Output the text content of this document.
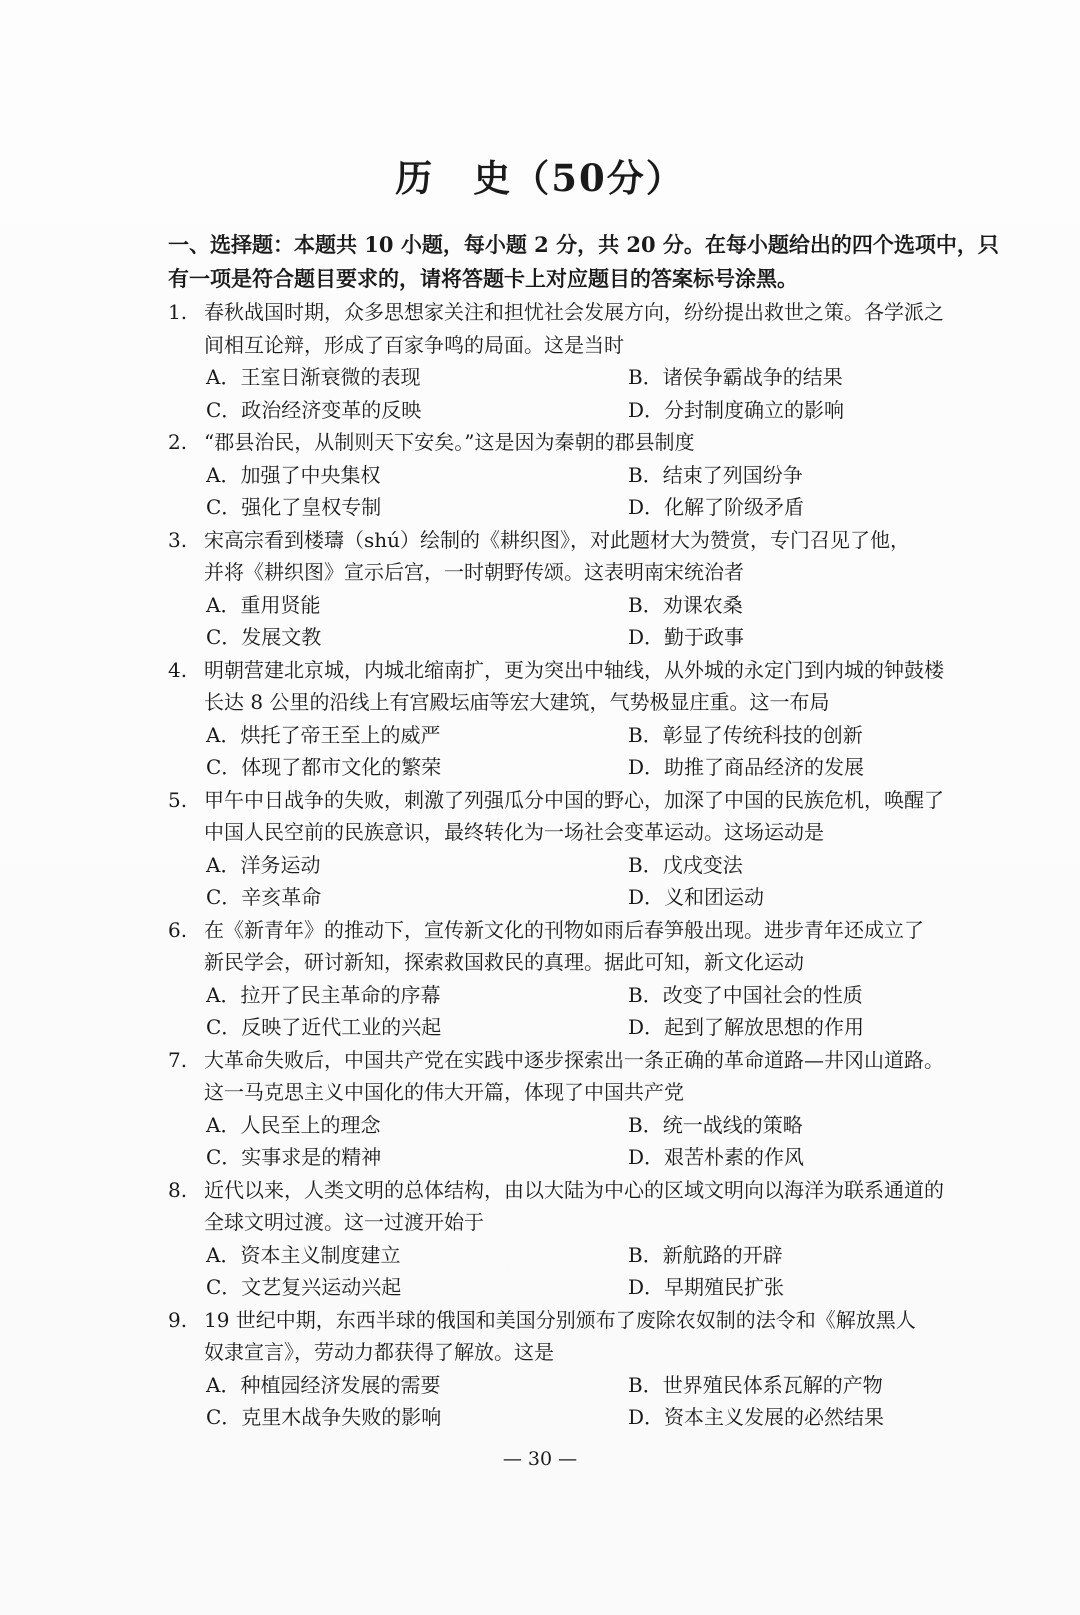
历　史（50分）
一、选择题：本题共 10 小题，每小题 2 分，共 20 分。在每小题给出的四个选项中，只有一项是符合题目要求的，请将答题卡上对应题目的答案标号涂黑。
1. 春秋战国时期，众多思想家关注和担忧社会发展方向，纷纷提出救世之策。各学派之
间相互论辩，形成了百家争鸣的局面。这是当时
A．王室日渐衰微的表现	B．诸侯争霸战争的结果
C．政治经济变革的反映	D．分封制度确立的影响
2. “郡县治民，从制则天下安矣。”这是因为秦朝的郡县制度
A．加强了中央集权	B．结束了列国纷争
C．强化了皇权专制	D．化解了阶级矛盾
3. 宋高宗看到楼璹（shú）绘制的《耕织图》，对此题材大为赞赏，专门召见了他，
并将《耕织图》宣示后宫，一时朝野传颂。这表明南宋统治者
A．重用贤能	B．劝课农桑
C．发展文教	D．勤于政事
4. 明朝营建北京城，内城北缩南扩，更为突出中轴线，从外城的永定门到内城的钟鼓楼
长达 8 公里的沿线上有宫殿坛庙等宏大建筑，气势极显庄重。这一布局
A．烘托了帝王至上的威严	B．彰显了传统科技的创新
C．体现了都市文化的繁荣	D．助推了商品经济的发展
5. 甲午中日战争的失败，刺激了列强瓜分中国的野心，加深了中国的民族危机，唤醒了
中国人民空前的民族意识，最终转化为一场社会变革运动。这场运动是
A．洋务运动	B．戊戌变法
C．辛亥革命	D．义和团运动
6. 在《新青年》的推动下，宣传新文化的刊物如雨后春笋般出现。进步青年还成立了
新民学会，研讨新知，探索救国救民的真理。据此可知，新文化运动
A．拉开了民主革命的序幕	B．改变了中国社会的性质
C．反映了近代工业的兴起	D．起到了解放思想的作用
7. 大革命失败后，中国共产党在实践中逐步探索出一条正确的革命道路—井冈山道路。
这一马克思主义中国化的伟大开篇，体现了中国共产党
A．人民至上的理念	B．统一战线的策略
C．实事求是的精神	D．艰苦朴素的作风
8. 近代以来，人类文明的总体结构，由以大陆为中心的区域文明向以海洋为联系通道的
全球文明过渡。这一过渡开始于
A．资本主义制度建立	B．新航路的开辟
C．文艺复兴运动兴起	D．早期殖民扩张
9. 19 世纪中期，东西半球的俄国和美国分别颁布了废除农奴制的法令和《解放黑人
奴隶宣言》，劳动力都获得了解放。这是
A．种植园经济发展的需要	B．世界殖民体系瓦解的产物
C．克里木战争失败的影响	D．资本主义发展的必然结果
— 30 —
